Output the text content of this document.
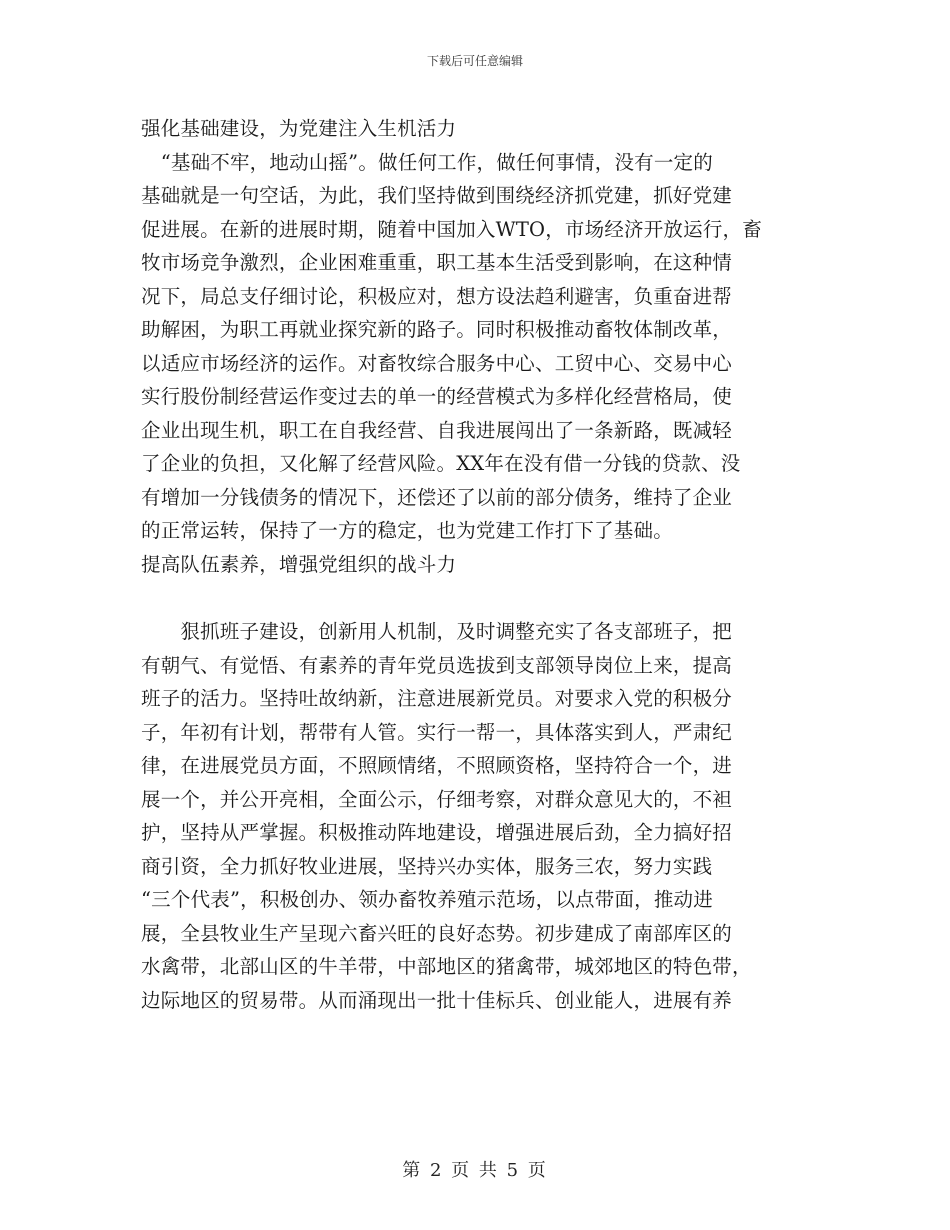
下载后可任意编辑
强化基础建设，为党建注入生机活力
　“基础不牢，地动山摇”。做任何工作，做任何事情，没有一定的
基础就是一句空话，为此，我们坚持做到围绕经济抓党建，抓好党建
促进展。在新的进展时期，随着中国加入WTO，市场经济开放运行，畜
牧市场竞争激烈，企业困难重重，职工基本生活受到影响，在这种情
况下，局总支仔细讨论，积极应对，想方设法趋利避害，负重奋进帮
助解困，为职工再就业探究新的路子。同时积极推动畜牧体制改革，
以适应市场经济的运作。对畜牧综合服务中心、工贸中心、交易中心
实行股份制经营运作变过去的单一的经营模式为多样化经营格局，使
企业出现生机，职工在自我经营、自我进展闯出了一条新路，既减轻
了企业的负担，又化解了经营风险。XX年在没有借一分钱的贷款、没
有增加一分钱债务的情况下，还偿还了以前的部分债务，维持了企业
的正常运转，保持了一方的稳定，也为党建工作打下了基础。
提高队伍素养，增强党组织的战斗力
　　狠抓班子建设，创新用人机制，及时调整充实了各支部班子，把
有朝气、有觉悟、有素养的青年党员选拔到支部领导岗位上来，提高
班子的活力。坚持吐故纳新，注意进展新党员。对要求入党的积极分
子，年初有计划，帮带有人管。实行一帮一，具体落实到人，严肃纪
律，在进展党员方面，不照顾情绪，不照顾资格，坚持符合一个，进
展一个，并公开亮相，全面公示，仔细考察，对群众意见大的，不袒
护，坚持从严掌握。积极推动阵地建设，增强进展后劲，全力搞好招
商引资，全力抓好牧业进展，坚持兴办实体，服务三农，努力实践
“三个代表”，积极创办、领办畜牧养殖示范场，以点带面，推动进
展，全县牧业生产呈现六畜兴旺的良好态势。初步建成了南部库区的
水禽带，北部山区的牛羊带，中部地区的猪禽带，城郊地区的特色带，
边际地区的贸易带。从而涌现出一批十佳标兵、创业能人，进展有养
第 2 页 共 5 页
